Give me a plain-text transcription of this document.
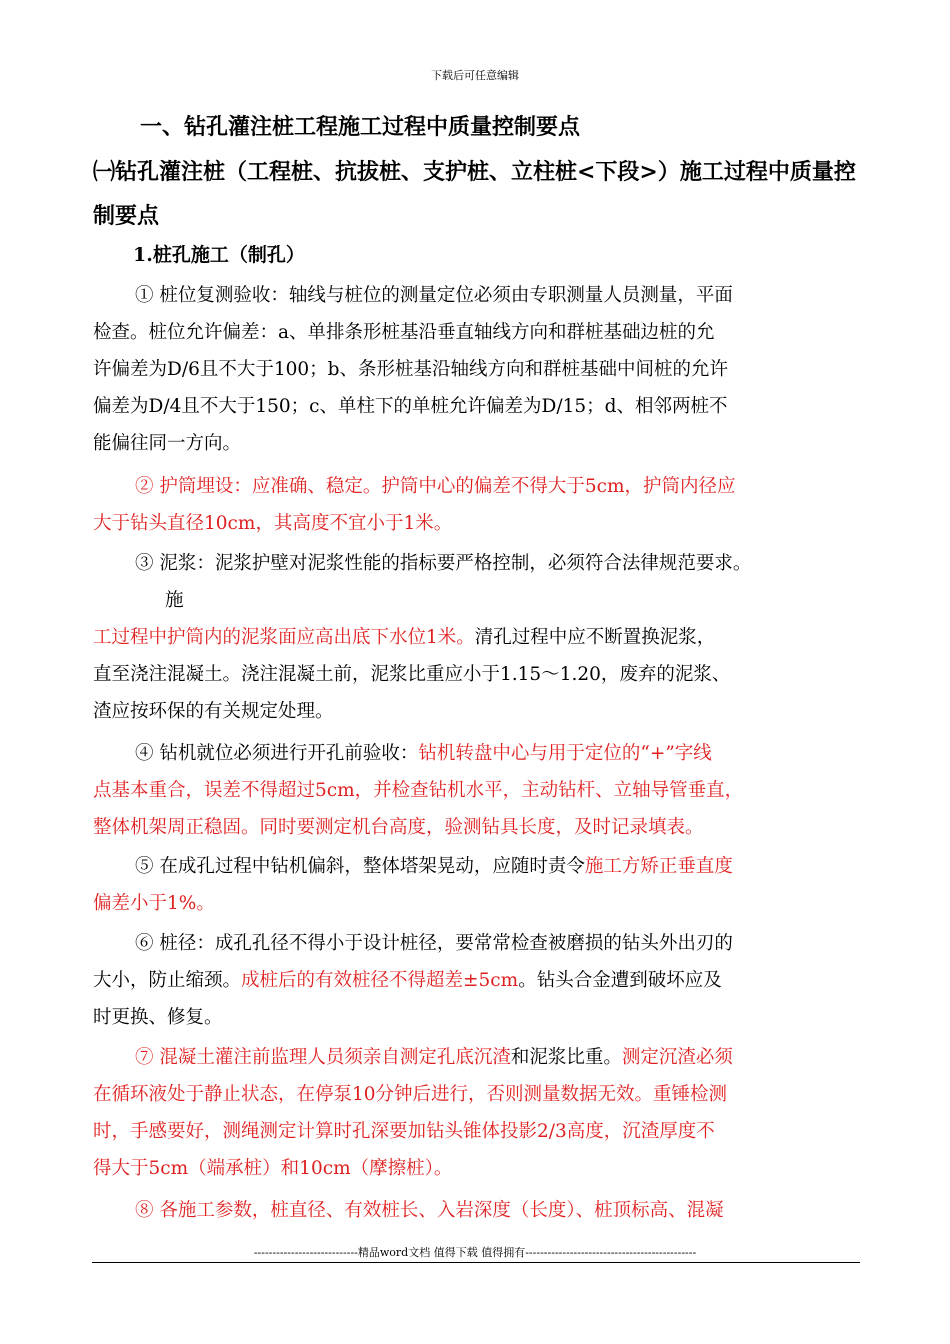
下载后可任意编辑
一、钻孔灌注桩工程施工过程中质量控制要点
㈠钻孔灌注桩（工程桩、抗拔桩、支护桩、立柱桩<下段>）施工过程中质量控制要点
1.桩孔施工（制孔）
① 桩位复测验收：轴线与桩位的测量定位必须由专职测量人员测量，平面
检查。桩位允许偏差：a、单排条形桩基沿垂直轴线方向和群桩基础边桩的允
许偏差为D/6且不大于100；b、条形桩基沿轴线方向和群桩基础中间桩的允许
偏差为D/4且不大于150；c、单柱下的单桩允许偏差为D/15；d、相邻两桩不
能偏往同一方向。
② 护筒埋设：应准确、稳定。护筒中心的偏差不得大于5cm，护筒内径应
大于钻头直径10cm，其高度不宜小于1米。
③ 泥浆：泥浆护壁对泥浆性能的指标要严格控制，必须符合法律规范要求。
施
工过程中护筒内的泥浆面应高出底下水位1米。清孔过程中应不断置换泥浆，
直至浇注混凝土。浇注混凝土前，泥浆比重应小于1.15～1.20，废弃的泥浆、
渣应按环保的有关规定处理。
④ 钻机就位必须进行开孔前验收：钻机转盘中心与用于定位的“+”字线
点基本重合，误差不得超过5cm，并检查钻机水平，主动钻杆、立轴导管垂直，
整体机架周正稳固。同时要测定机台高度，验测钻具长度，及时记录填表。
⑤ 在成孔过程中钻机偏斜，整体塔架晃动，应随时责令施工方矫正垂直度
偏差小于1%。
⑥ 桩径：成孔孔径不得小于设计桩径，要常常检查被磨损的钻头外出刃的
大小，防止缩颈。成桩后的有效桩径不得超差±5cm。钻头合金遭到破坏应及
时更换、修复。
⑦ 混凝土灌注前监理人员须亲自测定孔底沉渣和泥浆比重。测定沉渣必须
在循环液处于静止状态，在停泵10分钟后进行，否则测量数据无效。重锤检测
时，手感要好，测绳测定计算时孔深要加钻头锥体投影2/3高度，沉渣厚度不
得大于5cm（端承桩）和10cm（摩擦桩）。
⑧ 各施工参数，桩直径、有效桩长、入岩深度（长度）、桩顶标高、混凝
----------------------------精品word文档 值得下载 值得拥有----------------------------------------------
